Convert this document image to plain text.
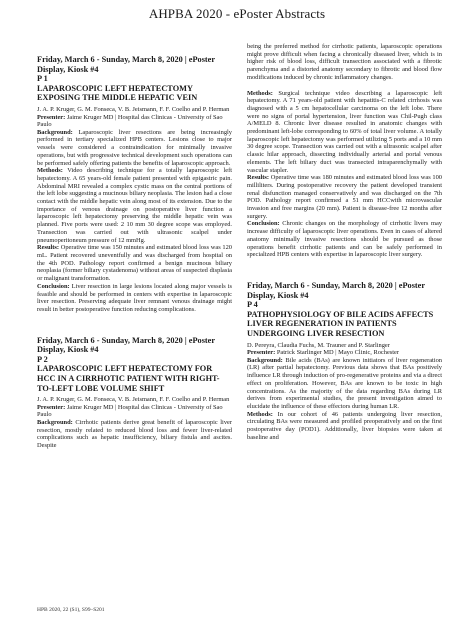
AHPBA 2020 - ePoster Abstracts

Friday, March 6 - Sunday, March 8, 2020 | ePoster Display, Kiosk #4

P 1

LAPAROSCOPIC LEFT HEPATECTOMY EXPOSING THE MIDDLE HEPATIC VEIN

J. A. P. Kruger, G. M. Fonseca, V. B. Jeismann, F. F. Coelho and P. Herman

Presenter: Jaime Kruger MD | Hospital das Clinicas - University of Sao Paulo

Background: Laparoscopic liver resections are being increasingly performed in tertiary specialized HPB centers. Lesions close to major vessels were considered a contraindication for minimally invasive operations, but with progressive technical development such operations can be performed safely offering patients the benefits of laparoscopic approach.

Methods: Video describing technique for a totally laparoscopic left hepatectomy. A 65 years-old female patient presented with epigastric pain. Abdominal MRI revealed a complex cystic mass on the central portions of the left lobe suggesting a mucinous biliary neoplasia. The lesion had a close contact with the middle hepatic vein along most of its extension. Due to the importance of venous drainage on postoperative liver function a laparoscopic left hepatectomy preserving the middle hepatic vein was planned. Five ports were used: 2 10 mm 30 degree scope was employed. Transection was carried out with ultrasonic scalpel under pneumoperitoneum pressure of 12 mmHg.

Results: Operative time was 150 minutes and estimated blood loss was 120 mL. Patient recovered uneventfully and was discharged from hospital on the 4th POD. Pathology report confirmed a benign mucinous biliary neoplasia (former biliary cystadenoma) without areas of suspected displasia or malignant transformation.

Conclusion: Liver resection in large lesions located along major vessels is feasible and should be performed in centers with expertise in laparoscopic liver resection. Preserving adequate liver remnant venous drainage might result in better postoperative function reducing complications.

Friday, March 6 - Sunday, March 8, 2020 | ePoster Display, Kiosk #4

P 2

LAPAROSCOPIC LEFT HEPATECTOMY FOR HCC IN A CIRRHOTIC PATIENT WITH RIGHT-TO-LEFT LOBE VOLUME SHIFT

J. A. P. Kruger, G. M. Fonseca, V. B. Jeismann, F. F. Coelho and P. Herman

Presenter: Jaime Kruger MD | Hospital das Clinicas - University of Sao Paulo

Background: Cirrhotic patients derive great benefit of laparoscopic liver resection, mostly related to reduced blood loss and fewer liver-related complications such as hepatic insufficiency, biliary fistula and ascites. Despite

being the preferred method for cirrhotic patients, laparoscopic operations might prove difficult when facing a chronically diseased liver, which is in higher risk of blood loss, difficult transection associated with a fibrotic parenchyma and a distorted anatomy secondary to fibrotic and blood flow modifications induced by chronic inflammatory changes.

Methods: Surgical technique video describing a laparoscopic left hepatectomy. A 71 years-old patient with hepatitis-C related cirrhosis was diagnosed with a 5 cm hepatocellular carcinoma on the left lobe. There were no signs of portal hypertension, liver function was Chil-Pugh class A/MELD 8. Chronic liver disease resulted in anatomic changes with predominant left-lobe corresponding to 60% of total liver volume. A totally laparoscopic left hepatectomy was performed utilizing 5 ports and a 10 mm 30 degree scope. Transection was carried out with a ultrasonic scalpel after classic hilar approach, dissecting individually arterial and portal venous elements. The left biliary duct was transected intraparenchymally with vascular stapler.

Results: Operative time was 180 minutes and estimated blood loss was 100 milliliters. During postoperative recovery the patient developed transient renal disfunction managed conservatively and was discharged on the 7th POD. Pathology report confirmed a 51 mm HCCwith microvascular invasion and free margins (20 mm). Patient is disease-free 12 months after surgery.

Conclusion: Chronic changes on the morphology of cirrhotic livers may increase difficulty of laparoscopic liver operations. Even in cases of altered anatomy minimally invasive resections should be pursued as those operations benefit cirrhotic patients and can be safely performed in specialized HPB centers with expertise in laparoscopic liver surgery.

Friday, March 6 - Sunday, March 8, 2020 | ePoster Display, Kiosk #4

P 4

PATHOPHYSIOLOGY OF BILE ACIDS AFFECTS LIVER REGENERATION IN PATIENTS UNDERGOING LIVER RESECTION

D. Pereyra, Claudia Fuchs, M. Trauner and P. Starlinger

Presenter: Patrick Starlinger MD | Mayo Clinic, Rochester

Background: Bile acids (BAs) are known initiators of liver regeneration (LR) after partial hepatectomy. Previous data shows that BAs positively influence LR through induction of pro-regenerative proteins and via a direct effect on proliferation. However, BAs are known to be toxic in high concentrations. As the majority of the data regarding BAs during LR derives from experimental studies, the present investigation aimed to elucidate the influence of these effectors during human LR.

Methods: In our cohort of 46 patients undergoing liver resection, circulating BAs were measured and profiled preoperatively and on the first postoperative day (POD1). Additionally, liver biopsies were taken at baseline and

HPB 2020, 22 (S1), S99–S201
